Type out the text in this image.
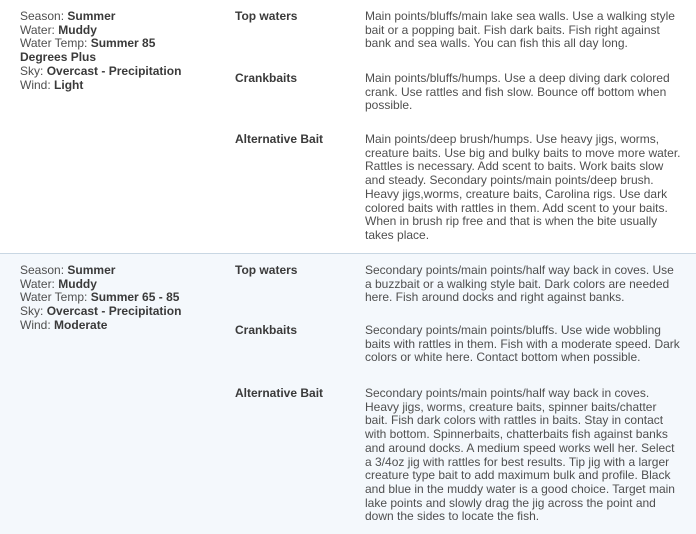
Season: Summer
Water: Muddy
Water Temp: Summer 85 Degrees Plus
Sky: Overcast - Precipitation
Wind: Light
Top waters	Main points/bluffs/main lake sea walls. Use a walking style bait or a popping bait. Fish dark baits. Fish right against bank and sea walls. You can fish this all day long.
Crankbaits	Main points/bluffs/humps. Use a deep diving dark colored crank. Use rattles and fish slow. Bounce off bottom when possible.
Alternative Bait	Main points/deep brush/humps. Use heavy jigs, worms, creature baits. Use big and bulky baits to move more water. Rattles is necessary. Add scent to baits. Work baits slow and steady. Secondary points/main points/deep brush. Heavy jigs,worms, creature baits, Carolina rigs. Use dark colored baits with rattles in them. Add scent to your baits. When in brush rip free and that is when the bite usually takes place.
Season: Summer
Water: Muddy
Water Temp: Summer 65 - 85
Sky: Overcast - Precipitation
Wind: Moderate
Top waters	Secondary points/main points/half way back in coves. Use a buzzbait or a walking style bait. Dark colors are needed here. Fish around docks and right against banks.
Crankbaits	Secondary points/main points/bluffs. Use wide wobbling baits with rattles in them. Fish with a moderate speed. Dark colors or white here. Contact bottom when possible.
Alternative Bait	Secondary points/main points/half way back in coves. Heavy jigs, worms, creature baits, spinner baits/chatter bait. Fish dark colors with rattles in baits. Stay in contact with bottom. Spinnerbaits, chatterbaits fish against banks and around docks. A medium speed works well her. Select a 3/4oz jig with rattles for best results. Tip jig with a larger creature type bait to add maximum bulk and profile. Black and blue in the muddy water is a good choice. Target main lake points and slowly drag the jig across the point and down the sides to locate the fish.
